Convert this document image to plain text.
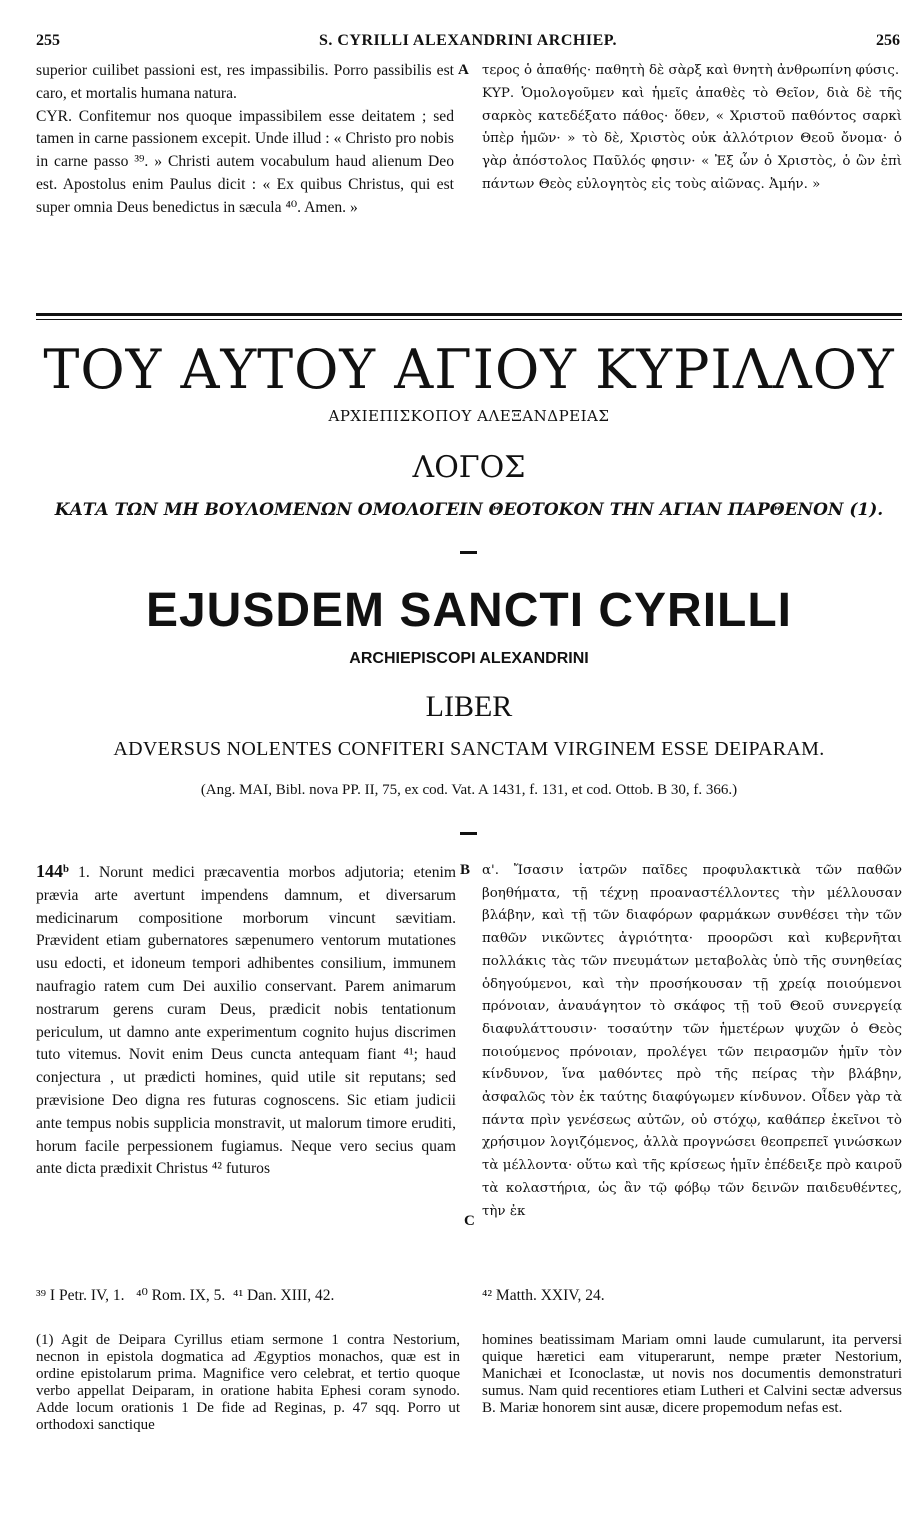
255	S. CYRILLI ALEXANDRINI ARCHIEP.	256

superior cuilibet passioni est, res impassibilis. Porro passibilis est caro, et mortalis humana natura.
CYR. Confitemur nos quoque impassibilem esse deitatem ; sed tamen in carne passionem excepit. Unde illud : « Christo pro nobis in carne passo ³⁹. » Christi autem vocabulum haud alienum Deo est. Apostolus enim Paulus dicit : « Ex quibus Christus, qui est super omnia Deus benedictus in sæcula ⁴⁰. Amen. »

A τερος ὁ ἀπαθής· παθητὴ δὲ σὰρξ καὶ θνητὴ ἀνθρωπίνη φύσις.
ΚΥΡ. Ὁμολογοῦμεν καὶ ἡμεῖς ἀπαθὲς τὸ Θεῖον, διὰ δὲ τῆς σαρκὸς κατεδέξατο πάθος· ὅθεν, « Χριστοῦ παθόντος σαρκὶ ὑπὲρ ἡμῶν· » τὸ δὲ, Χριστὸς οὐκ ἀλλότριον Θεοῦ ὄνομα· ὁ γὰρ ἀπόστολος Παῦλός φησιν· « Ἐξ ὧν ὁ Χριστὸς, ὁ ὢν ἐπὶ πάντων Θεὸς εὐλογητὸς εἰς τοὺς αἰῶνας. Ἀμήν. »

ΤΟΥ ΑΥΤΟΥ ΑΓΙΟΥ ΚΥΡΙΛΛΟΥ
ΑΡΧΙΕΠΙΣΚΟΠΟΥ ΑΛΕΞΑΝΔΡΕΙΑΣ
ΛΟΓΟΣ
ΚΑΤΑ ΤΩΝ ΜΗ ΒΟΥΛΟΜΕΝΩΝ ΟΜΟΛΟΓΕΙΝ ΘΕΟΤΟΚΟΝ ΤΗΝ ΑΓΙΑΝ ΠΑΡΘΕΝΟΝ (1).
EJUSDEM SANCTI CYRILLI
ARCHIEPISCOPI ALEXANDRINI
LIBER
ADVERSUS NOLENTES CONFITERI SANCTAM VIRGINEM ESSE DEIPARAM.
(Ang. MAI, Bibl. nova PP. II, 75, ex cod. Vat. A 1431, f. 131, et cod. Ottob. B 30, f. 366.)

144ᵇ 1. Norunt medici præcaventia morbos adjutoria; etenim prævia arte avertunt impendens damnum, et diversarum medicinarum compositione morborum vincunt sævitiam. Prævident etiam gubernatores sæpenumero ventorum mutationes usu edocti, et idoneum tempori adhibentes consilium, immunem naufragio ratem cum Dei auxilio conservant. Parem animarum nostrarum gerens curam Deus, prædicit nobis tentationum periculum, ut damno ante experimentum cognito hujus discrimen tuto vitemus. Novit enim Deus cuncta antequam fiant ⁴¹; haud conjectura , ut prædicti homines, quid utile sit reputans; sed prævisione Deo digna res futuras cognoscens. Sic etiam judicii ante tempus nobis supplicia monstravit, ut malorum timore eruditi, horum facile perpessionem fugiamus. Neque vero secius quam ante dicta prædixit Christus ⁴² futuros

B
C

α'. Ἴσασιν ἰατρῶν παῖδες προφυλακτικὰ τῶν παθῶν βοηθήματα, τῇ τέχνῃ προαναστέλλοντες τὴν μέλλουσαν βλάβην, καὶ τῇ τῶν διαφόρων φαρμάκων συνθέσει τὴν τῶν παθῶν νικῶντες ἀγριότητα· προορῶσι καὶ κυβερνῆται πολλάκις τὰς τῶν πνευμάτων μεταβολὰς ὑπὸ τῆς συνηθείας ὁδηγούμενοι, καὶ τὴν προσήκουσαν τῇ χρείᾳ ποιούμενοι πρόνοιαν, ἀναυάγητον τὸ σκάφος τῇ τοῦ Θεοῦ συνεργείᾳ διαφυλάττουσιν· τοσαύτην τῶν ἡμετέρων ψυχῶν ὁ Θεὸς ποιούμενος πρόνοιαν, προλέγει τῶν πειρασμῶν ἡμῖν τὸν κίνδυνον, ἵνα μαθόντες πρὸ τῆς πείρας τὴν βλάβην, ἀσφαλῶς τὸν ἐκ ταύτης διαφύγωμεν κίνδυνον. Οἶδεν γὰρ τὰ πάντα πρὶν γενέσεως αὐτῶν, οὐ στόχῳ, καθάπερ ἐκεῖνοι τὸ χρήσιμον λογιζόμενος, ἀλλὰ προγνώσει θεοπρεπεῖ γινώσκων τὰ μέλλοντα· οὕτω καὶ τῆς κρίσεως ἡμῖν ἐπέδειξε πρὸ καιροῦ τὰ κολαστήρια, ὡς ἂν τῷ φόβῳ τῶν δεινῶν παιδευθέντες, τὴν ἐκ

³⁹ I Petr. IV, 1.   ⁴⁰ Rom. IX, 5.  ⁴¹ Dan. XIII, 42.	⁴² Matth. XXIV, 24.
(1) Agit de Deipara Cyrillus etiam sermone 1 contra Nestorium, necnon in epistola dogmatica ad Ægyptios monachos, quæ est in ordine epistolarum prima. Magnifice vero celebrat, et tertio quoque verbo appellat Deiparam, in oratione habita Ephesi coram synodo. Adde locum orationis 1 De fide ad Reginas, p. 47 sqq. Porro ut orthodoxi sanctique
homines beatissimam Mariam omni laude cumularunt, ita perversi quique hæretici eam vituperarunt, nempe præter Nestorium, Manichæi et Iconoclastæ, ut novis nos documentis demonstraturi sumus. Nam quid recentiores etiam Lutheri et Calvini sectæ adversus B. Mariæ honorem sint ausæ, dicere propemodum nefas est.
